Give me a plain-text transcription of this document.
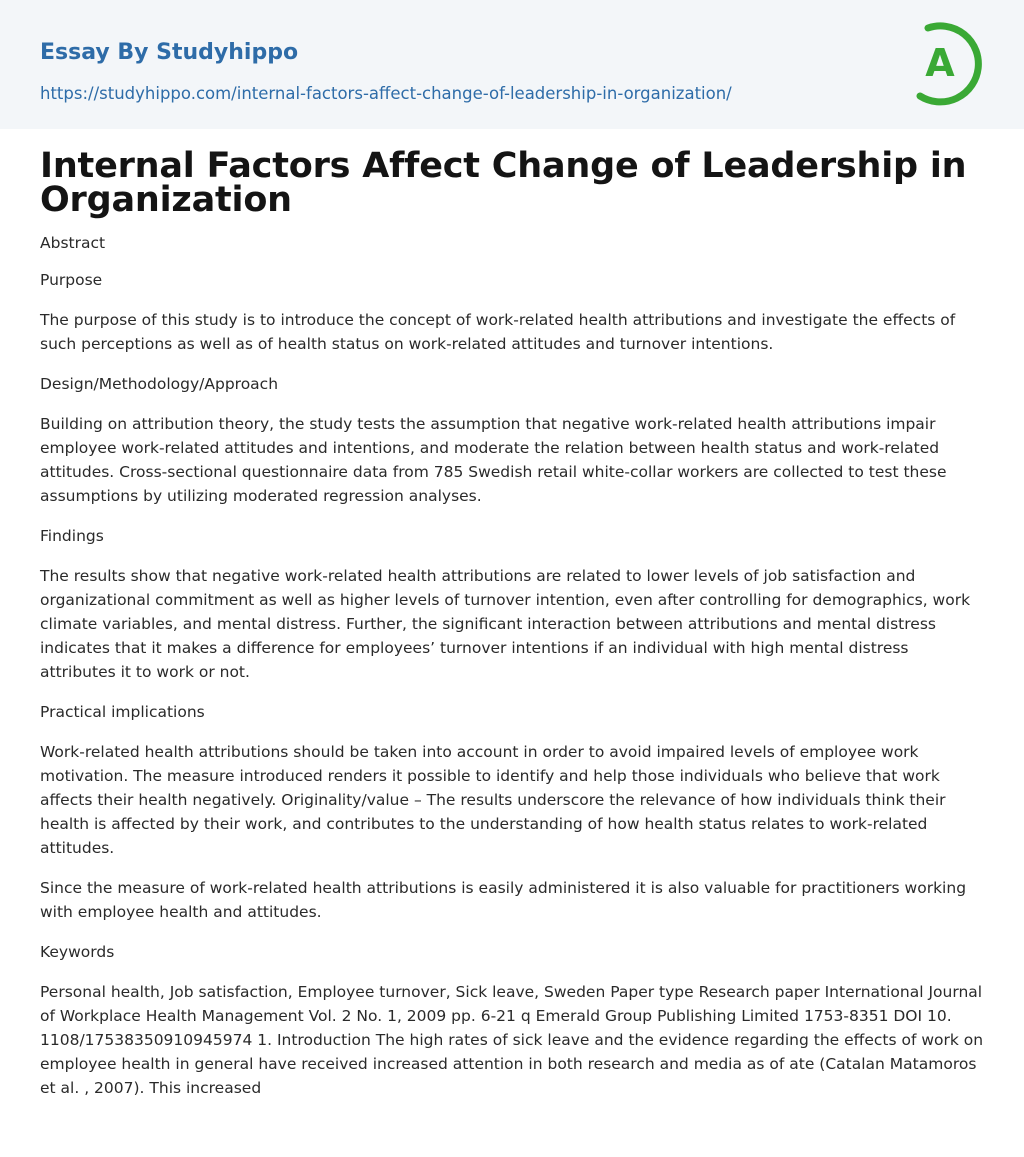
Essay By Studyhippo
https://studyhippo.com/internal-factors-affect-change-of-leadership-in-organization/
A
Internal Factors Affect Change of Leadership in Organization

Abstract

Purpose

The purpose of this study is to introduce the concept of work-related health attributions and investigate the effects of such perceptions as well as of health status on work-related attitudes and turnover intentions.

Design/Methodology/Approach

Building on attribution theory, the study tests the assumption that negative work-related health attributions impair employee work-related attitudes and intentions, and moderate the relation between health status and work-related attitudes. Cross-sectional questionnaire data from 785 Swedish retail white-collar workers are collected to test these assumptions by utilizing moderated regression analyses.

Findings

The results show that negative work-related health attributions are related to lower levels of job satisfaction and organizational commitment as well as higher levels of turnover intention, even after controlling for demographics, work climate variables, and mental distress. Further, the significant interaction between attributions and mental distress indicates that it makes a difference for employees’ turnover intentions if an individual with high mental distress attributes it to work or not.

Practical implications

Work-related health attributions should be taken into account in order to avoid impaired levels of employee work motivation. The measure introduced renders it possible to identify and help those individuals who believe that work affects their health negatively. Originality/value – The results underscore the relevance of how individuals think their health is affected by their work, and contributes to the understanding of how health status relates to work-related attitudes.

Since the measure of work-related health attributions is easily administered it is also valuable for practitioners working with employee health and attitudes.

Keywords

Personal health, Job satisfaction, Employee turnover, Sick leave, Sweden Paper type Research paper International Journal of Workplace Health Management Vol. 2 No. 1, 2009 pp. 6-21 q Emerald Group Publishing Limited 1753-8351 DOI 10. 1108/17538350910945974 1. Introduction The high rates of sick leave and the evidence regarding the effects of work on employee health in general have received increased attention in both research and media as of ate (Catalan Matamoros et al. , 2007). This increased
